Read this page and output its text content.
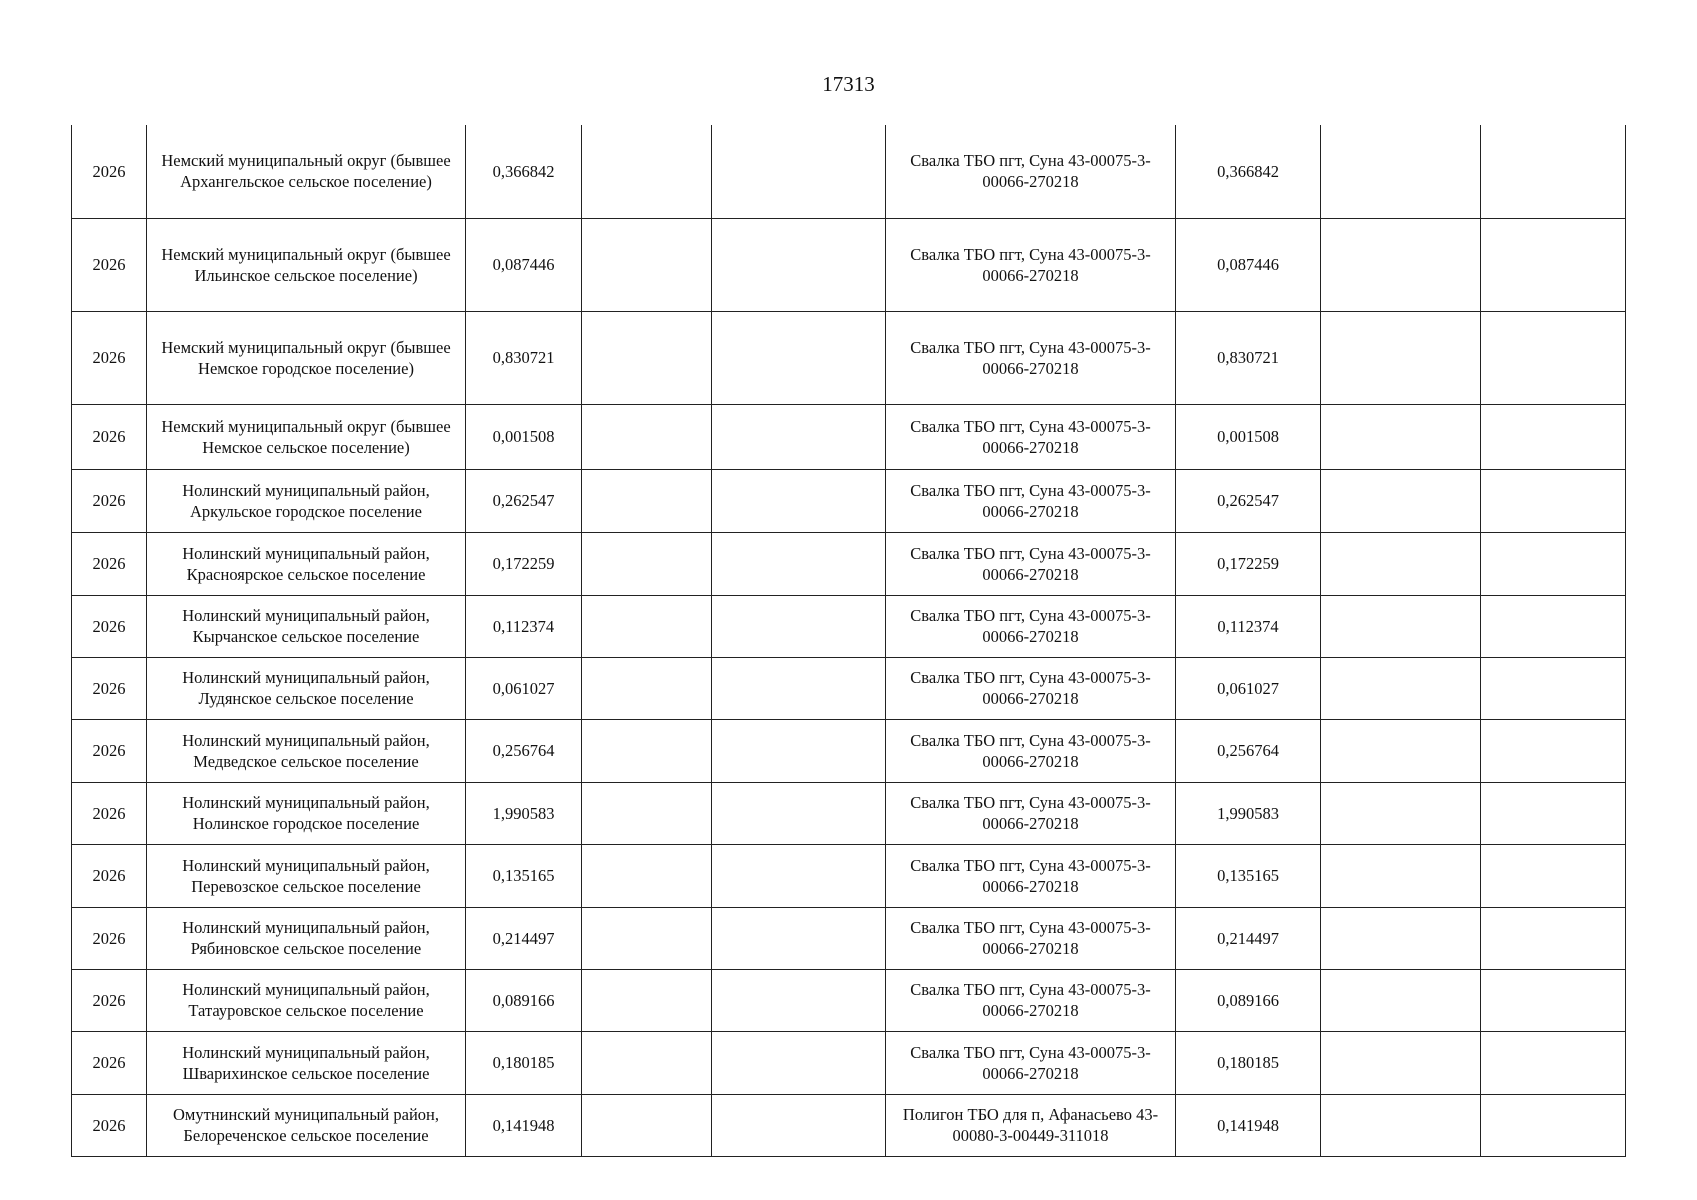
17313
2026	Немский муниципальный округ (бывшее Архангельское сельское поселение)	0,366842			Свалка ТБО пгт, Суна 43-00075-3-00066-270218	0,366842		
2026	Немский муниципальный округ (бывшее Ильинское сельское поселение)	0,087446			Свалка ТБО пгт, Суна 43-00075-3-00066-270218	0,087446		
2026	Немский муниципальный округ (бывшее Немское городское поселение)	0,830721			Свалка ТБО пгт, Суна 43-00075-3-00066-270218	0,830721		
2026	Немский муниципальный округ (бывшее Немское сельское поселение)	0,001508			Свалка ТБО пгт, Суна 43-00075-3-00066-270218	0,001508		
2026	Нолинский муниципальный район, Аркульское городское поселение	0,262547			Свалка ТБО пгт, Суна 43-00075-3-00066-270218	0,262547		
2026	Нолинский муниципальный район, Красноярское сельское поселение	0,172259			Свалка ТБО пгт, Суна 43-00075-3-00066-270218	0,172259		
2026	Нолинский муниципальный район, Кырчанское сельское поселение	0,112374			Свалка ТБО пгт, Суна 43-00075-3-00066-270218	0,112374		
2026	Нолинский муниципальный район, Лудянское сельское поселение	0,061027			Свалка ТБО пгт, Суна 43-00075-3-00066-270218	0,061027		
2026	Нолинский муниципальный район, Медведское сельское поселение	0,256764			Свалка ТБО пгт, Суна 43-00075-3-00066-270218	0,256764		
2026	Нолинский муниципальный район, Нолинское городское поселение	1,990583			Свалка ТБО пгт, Суна 43-00075-3-00066-270218	1,990583		
2026	Нолинский муниципальный район, Перевозское сельское поселение	0,135165			Свалка ТБО пгт, Суна 43-00075-3-00066-270218	0,135165		
2026	Нолинский муниципальный район, Рябиновское сельское поселение	0,214497			Свалка ТБО пгт, Суна 43-00075-3-00066-270218	0,214497		
2026	Нолинский муниципальный район, Татауровское сельское поселение	0,089166			Свалка ТБО пгт, Суна 43-00075-3-00066-270218	0,089166		
2026	Нолинский муниципальный район, Шварихинское сельское поселение	0,180185			Свалка ТБО пгт, Суна 43-00075-3-00066-270218	0,180185		
2026	Омутнинский муниципальный район, Белореченское сельское поселение	0,141948			Полигон ТБО для п, Афанасьево 43-00080-3-00449-311018	0,141948		
